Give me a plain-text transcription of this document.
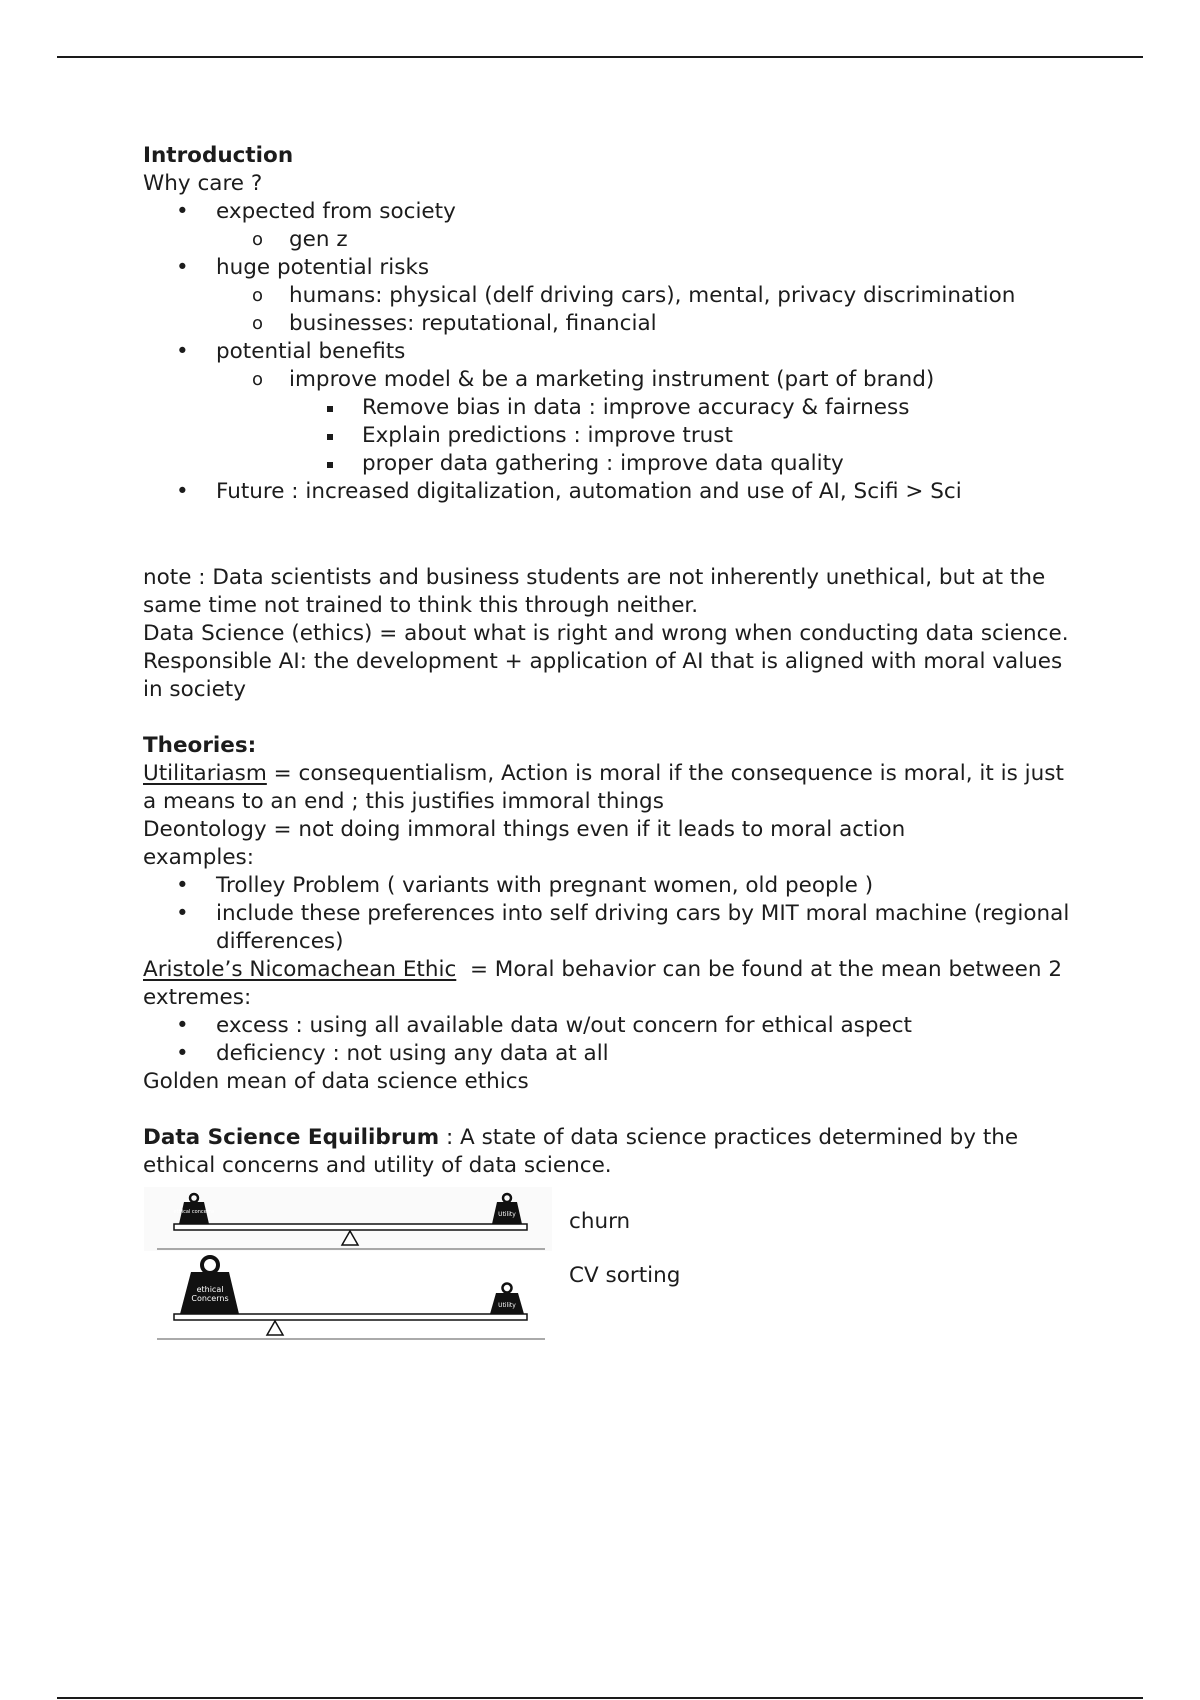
Introduction

Why care ?

• expected from society
o gen z
• huge potential risks
o humans: physical (delf driving cars), mental, privacy discrimination
o businesses: reputational, financial
• potential benefits
o improve model & be a marketing instrument (part of brand)
Remove bias in data : improve accuracy & fairness
Explain predictions : improve trust
proper data gathering : improve data quality
• Future : increased digitalization, automation and use of AI, Scifi > Sci

note : Data scientists and business students are not inherently unethical, but at the same time not trained to think this through neither.

Data Science (ethics) = about what is right and wrong when conducting data science.

Responsible AI: the development + application of AI that is aligned with moral values in society

Theories:

Utilitariasm = consequentialism, Action is moral if the consequence is moral, it is just a means to an end ; this justifies immoral things

Deontology = not doing immoral things even if it leads to moral action

examples:

• Trolley Problem ( variants with pregnant women, old people )
• include these preferences into self driving cars by MIT moral machine (regional differences)

Aristole’s Nicomachean Ethic  = Moral behavior can be found at the mean between 2 extremes:

• excess : using all available data w/out concern for ethical aspect
• deficiency : not using any data at all

Golden mean of data science ethics

Data Science Equilibrum : A state of data science practices determined by the ethical concerns and utility of data science.

ethical concerns	Utility
ethical
Concerns
Utility
churn
CV sorting
